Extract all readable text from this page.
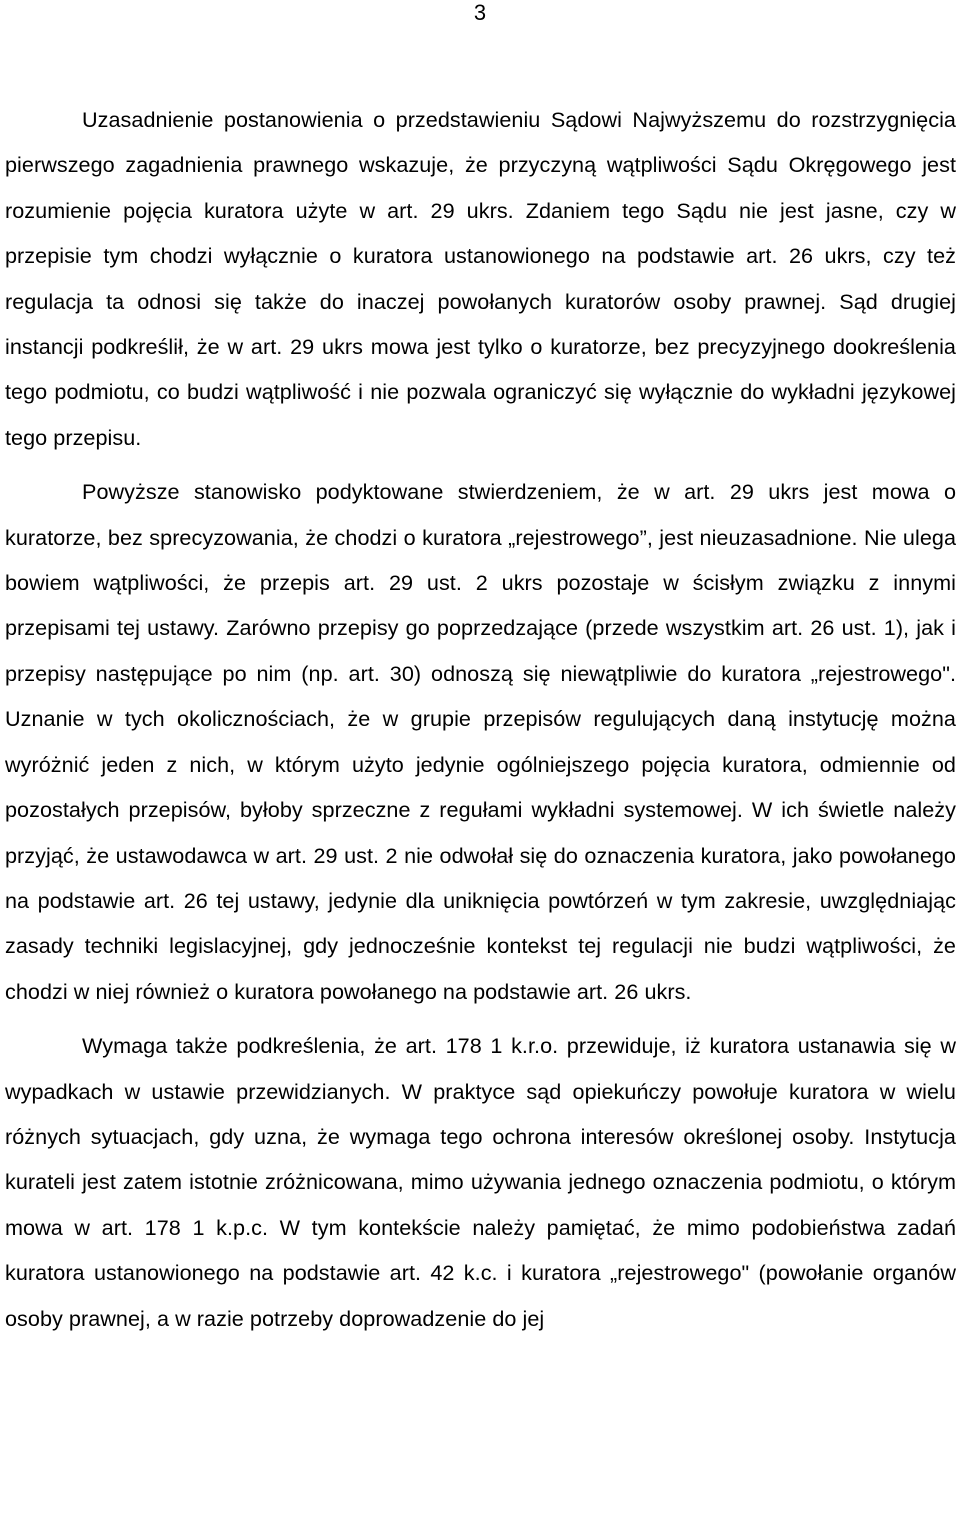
3

Uzasadnienie postanowienia o przedstawieniu Sądowi Najwyższemu do rozstrzygnięcia pierwszego zagadnienia prawnego wskazuje, że przyczyną wątpliwości Sądu Okręgowego jest rozumienie pojęcia kuratora użyte w art. 29 ukrs. Zdaniem tego Sądu nie jest jasne, czy w przepisie tym chodzi wyłącznie o kuratora ustanowionego na podstawie art. 26 ukrs, czy też regulacja ta odnosi się także do inaczej powołanych kuratorów osoby prawnej. Sąd drugiej instancji podkreślił, że w art. 29 ukrs mowa jest tylko o kuratorze, bez precyzyjnego dookreślenia tego podmiotu, co budzi wątpliwość i nie pozwala ograniczyć się wyłącznie do wykładni językowej tego przepisu.

Powyższe stanowisko podyktowane stwierdzeniem, że w art. 29 ukrs jest mowa o kuratorze, bez sprecyzowania, że chodzi o kuratora „rejestrowego”, jest nieuzasadnione. Nie ulega bowiem wątpliwości, że przepis art. 29 ust. 2 ukrs pozostaje w ścisłym związku z innymi przepisami tej ustawy. Zarówno przepisy go poprzedzające (przede wszystkim art. 26 ust. 1), jak i przepisy następujące po nim (np. art. 30) odnoszą się niewątpliwie do kuratora „rejestrowego". Uznanie w tych okolicznościach, że w grupie przepisów regulujących daną instytucję można wyróżnić jeden z nich, w którym użyto jedynie ogólniejszego pojęcia kuratora, odmiennie od pozostałych przepisów, byłoby sprzeczne z regułami wykładni systemowej. W ich świetle należy przyjąć, że ustawodawca w art. 29 ust. 2 nie odwołał się do oznaczenia kuratora, jako powołanego na podstawie art. 26 tej ustawy, jedynie dla uniknięcia powtórzeń w tym zakresie, uwzględniając zasady techniki legislacyjnej, gdy jednocześnie kontekst tej regulacji nie budzi wątpliwości, że chodzi w niej również o kuratora powołanego na podstawie art. 26 ukrs.

Wymaga także podkreślenia, że art. 178 1 k.r.o. przewiduje, iż kuratora ustanawia się w wypadkach w ustawie przewidzianych. W praktyce sąd opiekuńczy powołuje kuratora w wielu różnych sytuacjach, gdy uzna, że wymaga tego ochrona interesów określonej osoby. Instytucja kurateli jest zatem istotnie zróżnicowana, mimo używania jednego oznaczenia podmiotu, o którym mowa w art. 178 1 k.p.c. W tym kontekście należy pamiętać, że mimo podobieństwa zadań kuratora ustanowionego na podstawie art. 42 k.c. i kuratora „rejestrowego" (powołanie organów osoby prawnej, a w razie potrzeby doprowadzenie do jej
